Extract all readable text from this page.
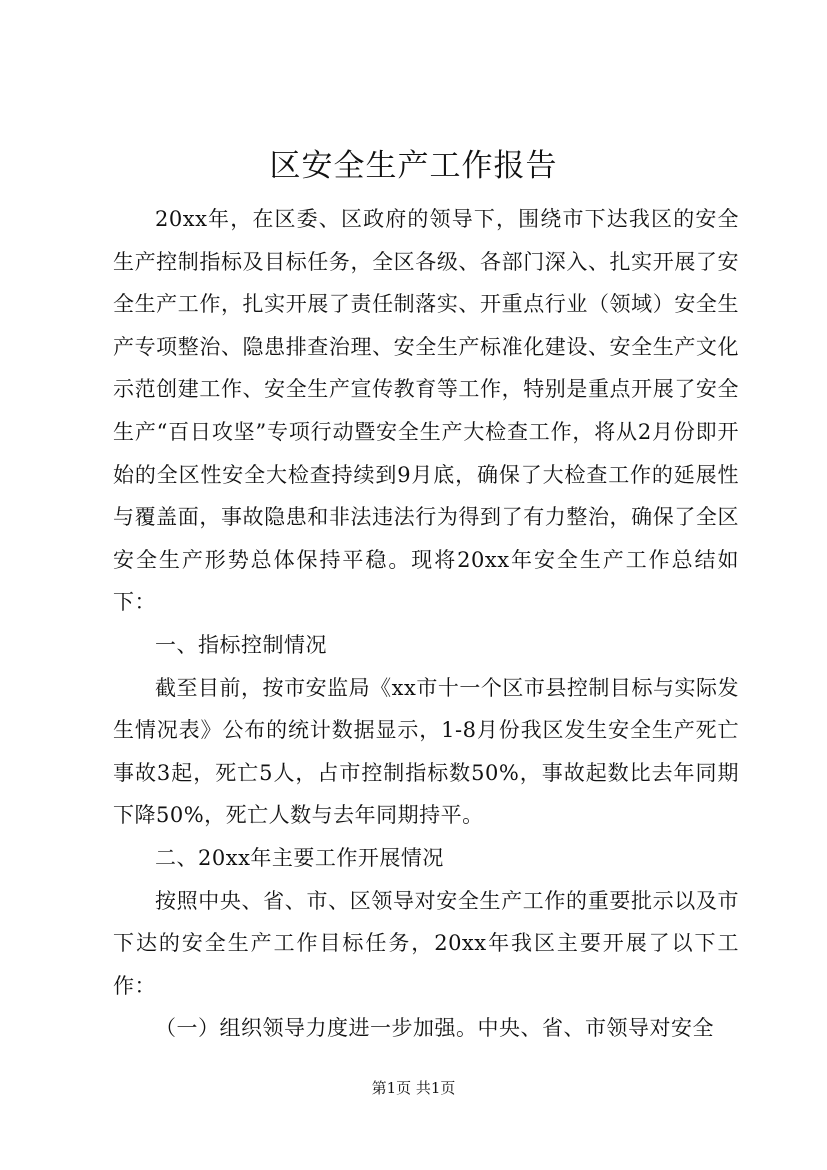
区安全生产工作报告

20xx年，在区委、区政府的领导下，围绕市下达我区的安全生产控制指标及目标任务，全区各级、各部门深入、扎实开展了安全生产工作，扎实开展了责任制落实、开重点行业（领域）安全生产专项整治、隐患排查治理、安全生产标准化建设、安全生产文化示范创建工作、安全生产宣传教育等工作，特别是重点开展了安全生产“百日攻坚”专项行动暨安全生产大检查工作，将从2月份即开始的全区性安全大检查持续到9月底，确保了大检查工作的延展性与覆盖面，事故隐患和非法违法行为得到了有力整治，确保了全区安全生产形势总体保持平稳。现将20xx年安全生产工作总结如下：

一、指标控制情况

截至目前，按市安监局《xx市十一个区市县控制目标与实际发生情况表》公布的统计数据显示，1-8月份我区发生安全生产死亡事故3起，死亡5人，占市控制指标数50%，事故起数比去年同期下降50%，死亡人数与去年同期持平。

二、20xx年主要工作开展情况

按照中央、省、市、区领导对安全生产工作的重要批示以及市下达的安全生产工作目标任务，20xx年我区主要开展了以下工作：

（一）组织领导力度进一步加强。中央、省、市领导对安全

第1页 共1页
